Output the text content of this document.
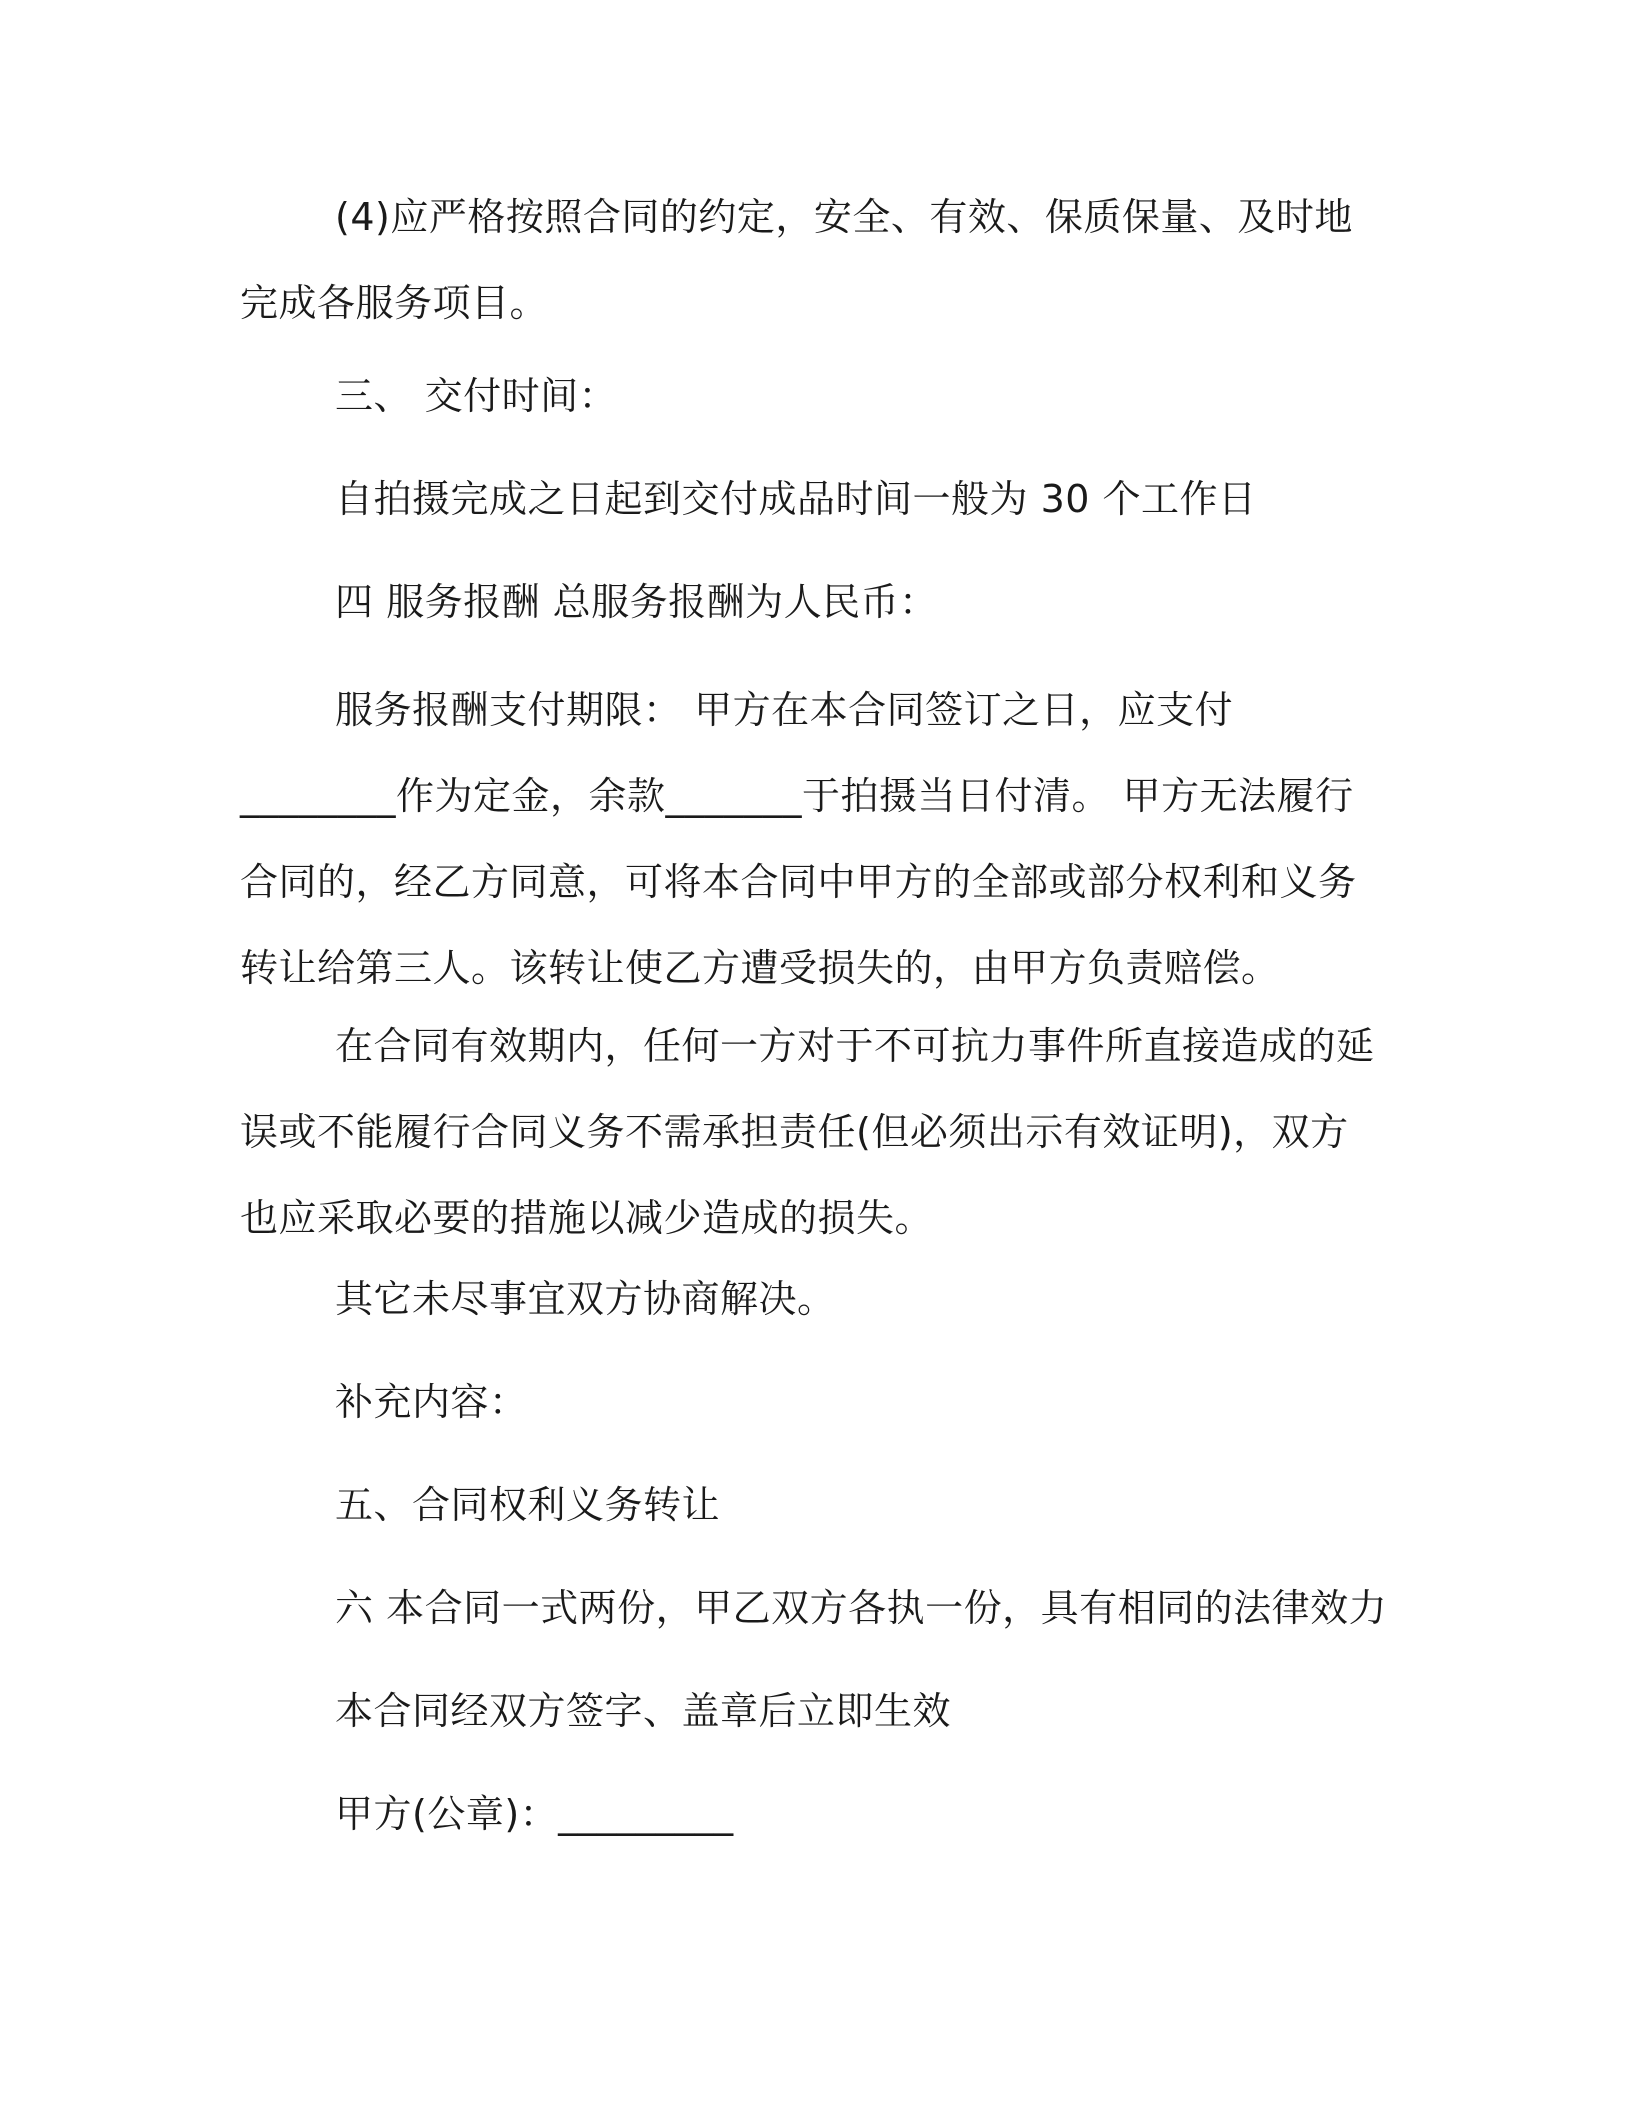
(4)应严格按照合同的约定，安全、有效、保质保量、及时地完成各服务项目。
三、 交付时间：
自拍摄完成之日起到交付成品时间一般为 30 个工作日
四 服务报酬 总服务报酬为人民币：
服务报酬支付期限： 甲方在本合同签订之日，应支付________作为定金，余款_______于拍摄当日付清。 甲方无法履行合同的，经乙方同意，可将本合同中甲方的全部或部分权利和义务转让给第三人。该转让使乙方遭受损失的，由甲方负责赔偿。
在合同有效期内，任何一方对于不可抗力事件所直接造成的延误或不能履行合同义务不需承担责任(但必须出示有效证明)，双方也应采取必要的措施以减少造成的损失。
其它未尽事宜双方协商解决。
补充内容：
五、合同权利义务转让
六 本合同一式两份，甲乙双方各执一份，具有相同的法律效力
本合同经双方签字、盖章后立即生效
甲方(公章)：_________
